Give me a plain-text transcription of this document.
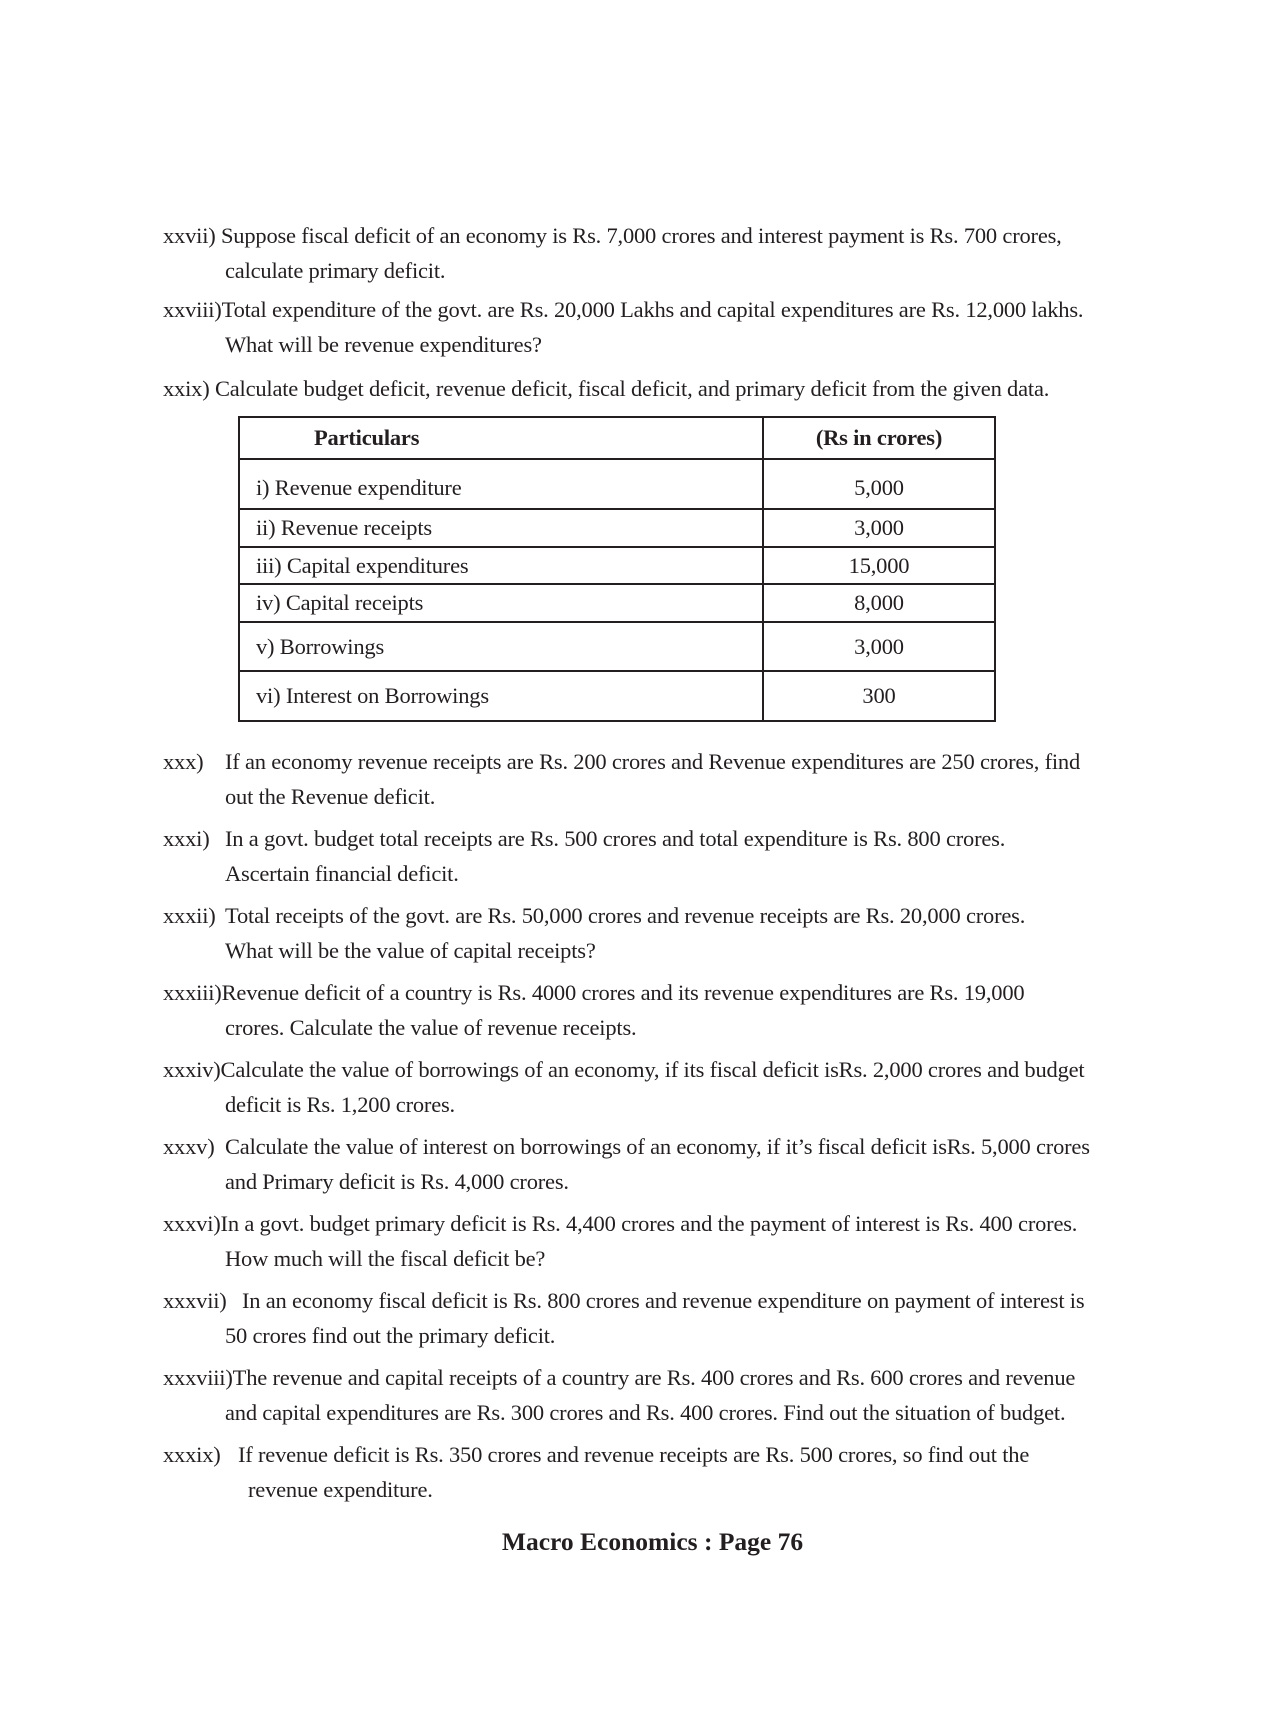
xxvii) Suppose fiscal deficit of an economy is Rs. 7,000 crores and interest payment is Rs. 700 crores,
calculate primary deficit.
xxviii)Total expenditure of the govt. are Rs. 20,000 Lakhs and capital expenditures are Rs. 12,000 lakhs.
What will be revenue expenditures?
xxix) Calculate budget deficit, revenue deficit, fiscal deficit, and primary deficit from the given data.
Particulars	(Rs in crores)
i) Revenue expenditure	5,000
ii) Revenue receipts	3,000
iii) Capital expenditures	15,000
iv) Capital receipts	8,000
v) Borrowings	3,000
vi) Interest on Borrowings	300
xxx) If an economy revenue receipts are Rs. 200 crores and Revenue expenditures are 250 crores, find
out the Revenue deficit.
xxxi) In a govt. budget total receipts are Rs. 500 crores and total expenditure is Rs. 800 crores.
Ascertain financial deficit.
xxxii) Total receipts of the govt. are Rs. 50,000 crores and revenue receipts are Rs. 20,000 crores.
What will be the value of capital receipts?
xxxiii)Revenue deficit of a country is Rs. 4000 crores and its revenue expenditures are Rs. 19,000
crores. Calculate the value of revenue receipts.
xxxiv)Calculate the value of borrowings of an economy, if its fiscal deficit isRs. 2,000 crores and budget
deficit is Rs. 1,200 crores.
xxxv) Calculate the value of interest on borrowings of an economy, if it’s fiscal deficit isRs. 5,000 crores
and Primary deficit is Rs. 4,000 crores.
xxxvi)In a govt. budget primary deficit is Rs. 4,400 crores and the payment of interest is Rs. 400 crores.
How much will the fiscal deficit be?
xxxvii) In an economy fiscal deficit is Rs. 800 crores and revenue expenditure on payment of interest is
50 crores find out the primary deficit.
xxxviii)The revenue and capital receipts of a country are Rs. 400 crores and Rs. 600 crores and revenue
and capital expenditures are Rs. 300 crores and Rs. 400 crores. Find out the situation of budget.
xxxix) If revenue deficit is Rs. 350 crores and revenue receipts are Rs. 500 crores, so find out the
revenue expenditure.
Macro Economics : Page 76
